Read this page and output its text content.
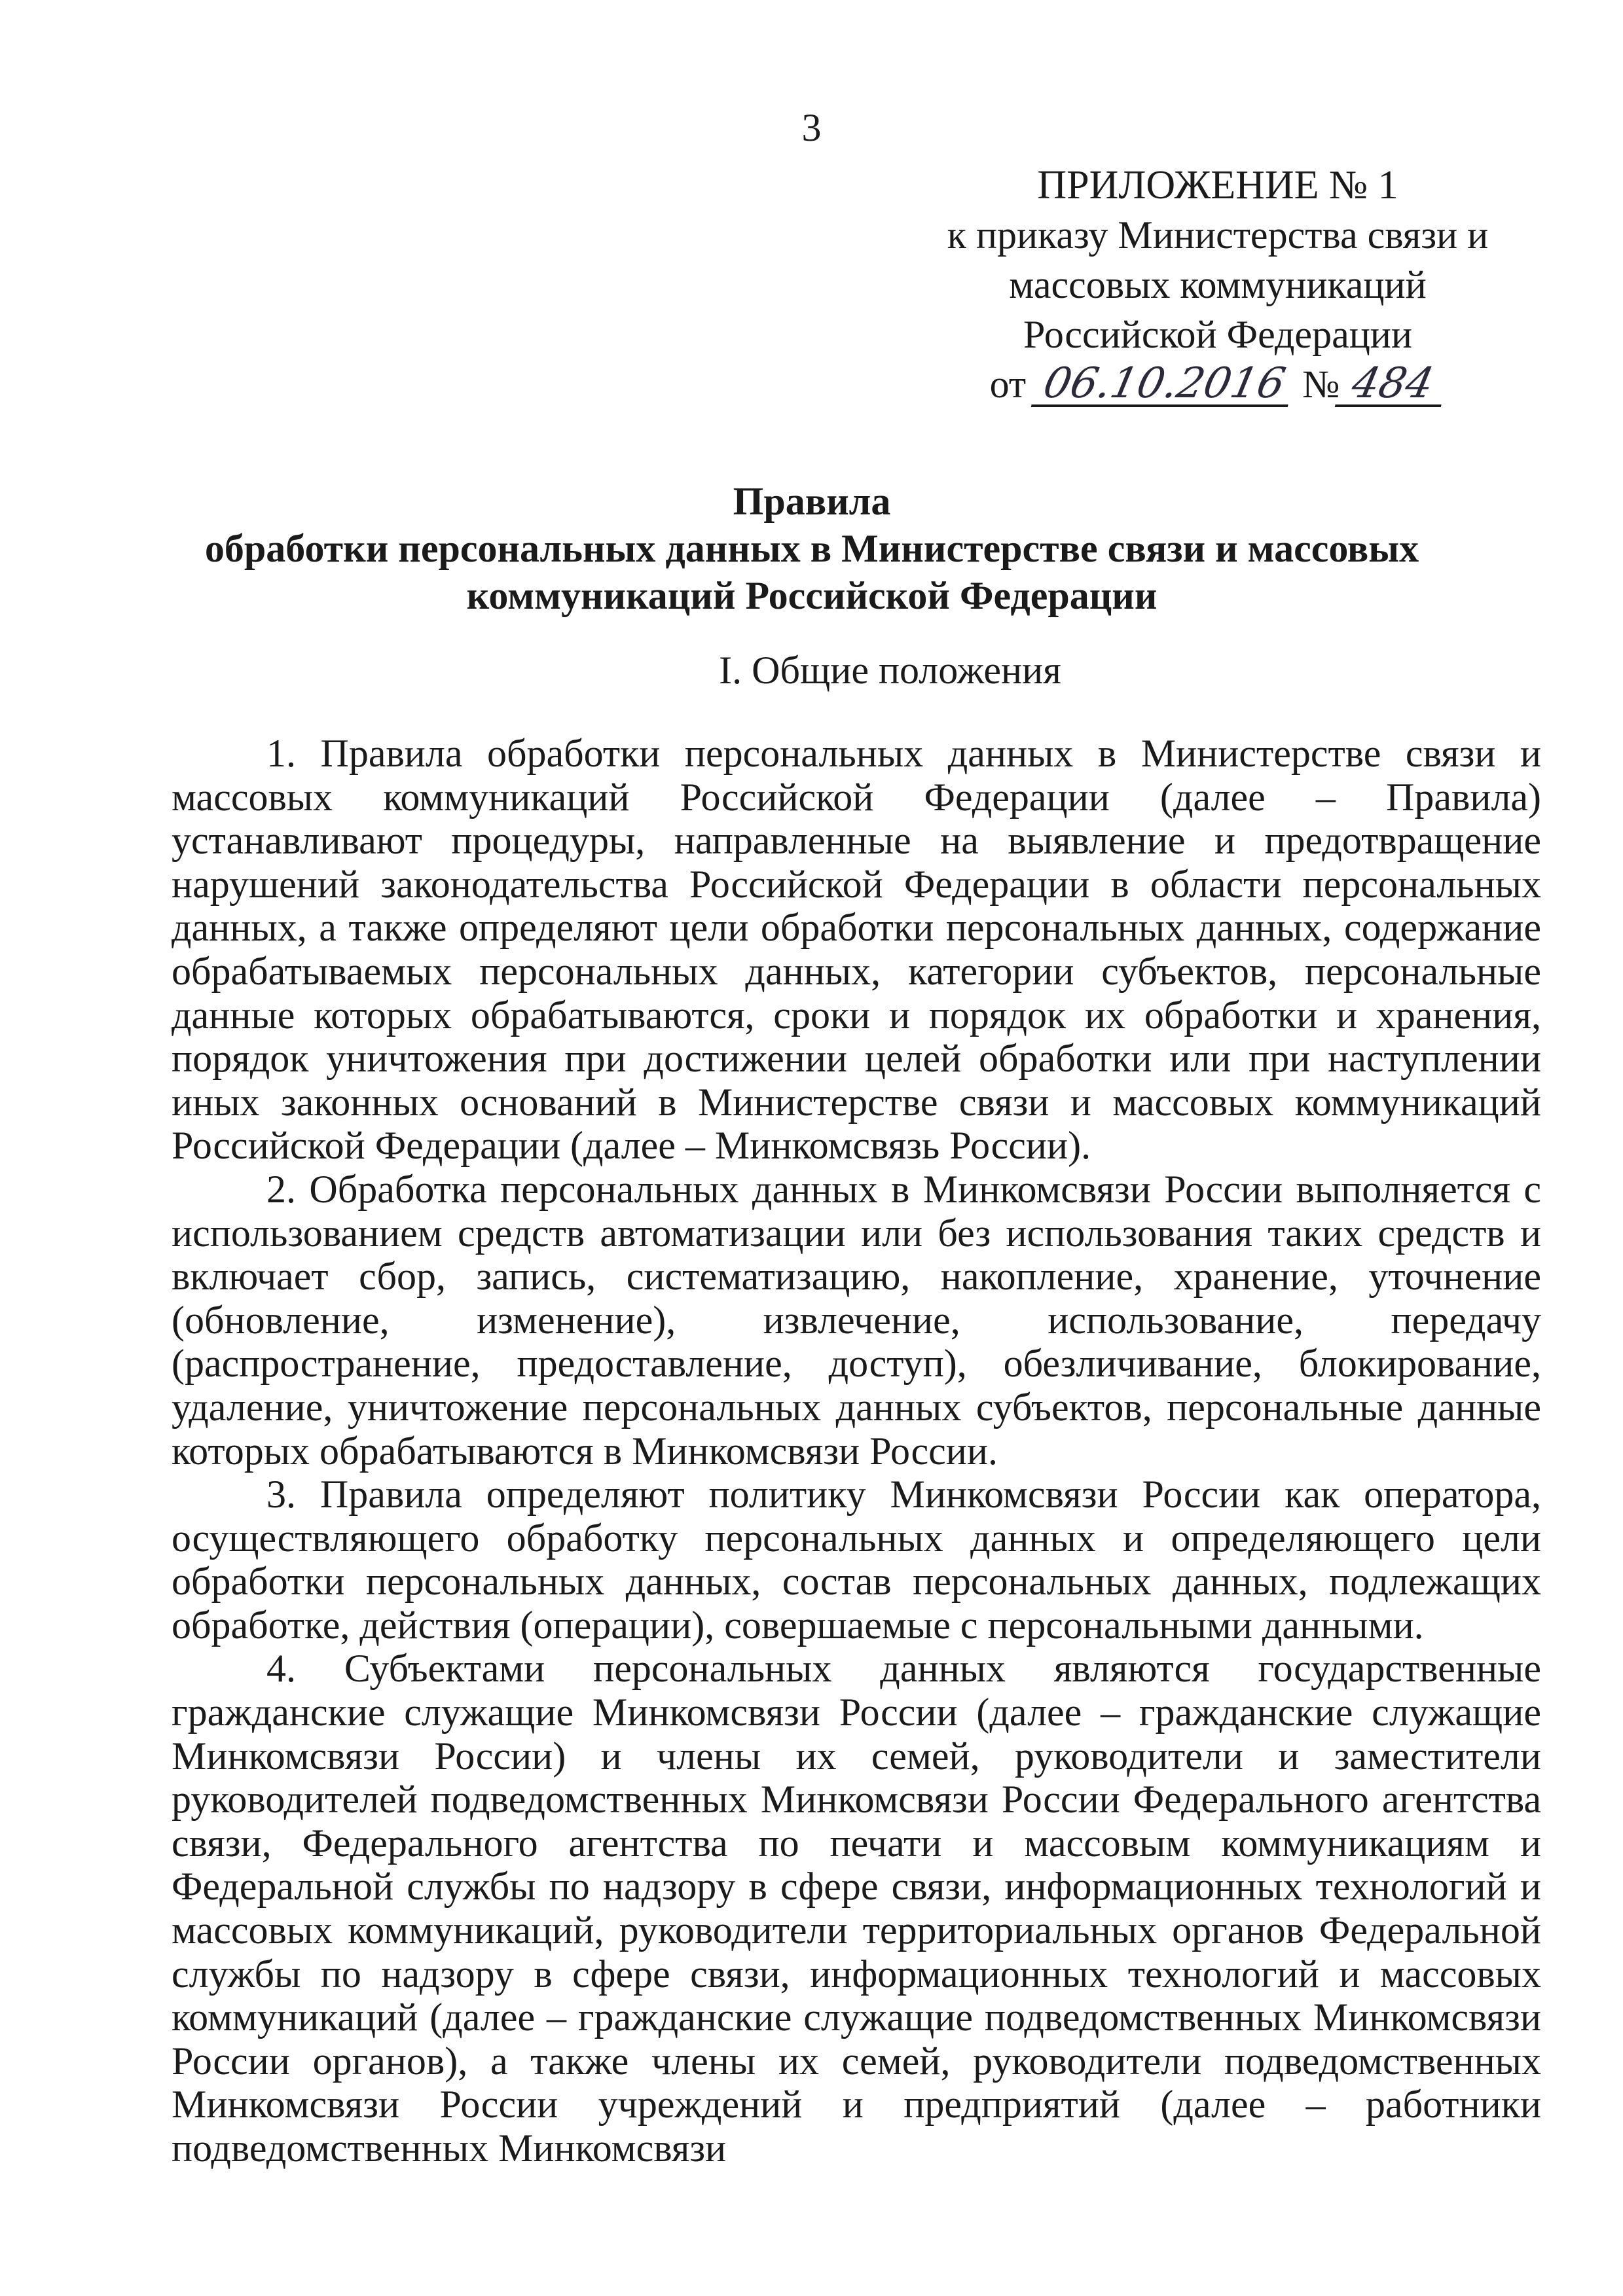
3
ПРИЛОЖЕНИЕ № 1
к приказу Министерства связи и
массовых коммуникаций
Российской Федерации
от 06.10.2016 № 484
Правила
обработки персональных данных в Министерстве связи и массовых
коммуникаций Российской Федерации
I. Общие положения

1. Правила обработки персональных данных в Министерстве связи и массовых коммуникаций Российской Федерации (далее – Правила) устанавливают процедуры, направленные на выявление и предотвращение нарушений законодательства Российской Федерации в области персональных данных, а также определяют цели обработки персональных данных, содержание обрабатываемых персональных данных, категории субъектов, персональные данные которых обрабатываются, сроки и порядок их обработки и хранения, порядок уничтожения при достижении целей обработки или при наступлении иных законных оснований в Министерстве связи и массовых коммуникаций Российской Федерации (далее – Минкомсвязь России).

2. Обработка персональных данных в Минкомсвязи России выполняется с использованием средств автоматизации или без использования таких средств и включает сбор, запись, систематизацию, накопление, хранение, уточнение (обновление, изменение), извлечение, использование, передачу (распространение, предоставление, доступ), обезличивание, блокирование, удаление, уничтожение персональных данных субъектов, персональные данные которых обрабатываются в Минкомсвязи России.

3. Правила определяют политику Минкомсвязи России как оператора, осуществляющего обработку персональных данных и определяющего цели обработки персональных данных, состав персональных данных, подлежащих обработке, действия (операции), совершаемые с персональными данными.

4. Субъектами персональных данных являются государственные гражданские служащие Минкомсвязи России (далее – гражданские служащие Минкомсвязи России) и члены их семей, руководители и заместители руководителей подведомственных Минкомсвязи России Федерального агентства связи, Федерального агентства по печати и массовым коммуникациям и Федеральной службы по надзору в сфере связи, информационных технологий и массовых коммуникаций, руководители территориальных органов Федеральной службы по надзору в сфере связи, информационных технологий и массовых коммуникаций (далее – гражданские служащие подведомственных Минкомсвязи России органов), а также члены их семей, руководители подведомственных Минкомсвязи России учреждений и предприятий (далее – работники подведомственных Минкомсвязи
